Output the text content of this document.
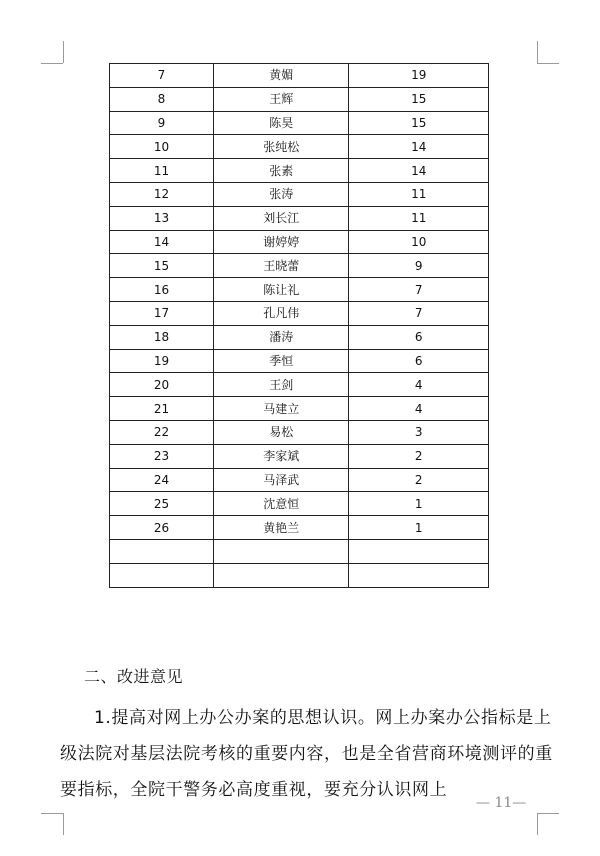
7	黄媚	19
8	王辉	15
9	陈昊	15
10	张纯松	14
11	张素	14
12	张涛	11
13	刘长江	11
14	谢婷婷	10
15	王晓蕾	9
16	陈让礼	7
17	孔凡伟	7
18	潘涛	6
19	季恒	6
20	王剑	4
21	马建立	4
22	易松	3
23	李家斌	2
24	马泽武	2
25	沈意恒	1
26	黄艳兰	1

二、改进意见

1.提高对网上办公办案的思想认识。网上办案办公指标是上级法院对基层法院考核的重要内容，也是全省营商环境测评的重要指标，全院干警务必高度重视，要充分认识网上

— 11—
